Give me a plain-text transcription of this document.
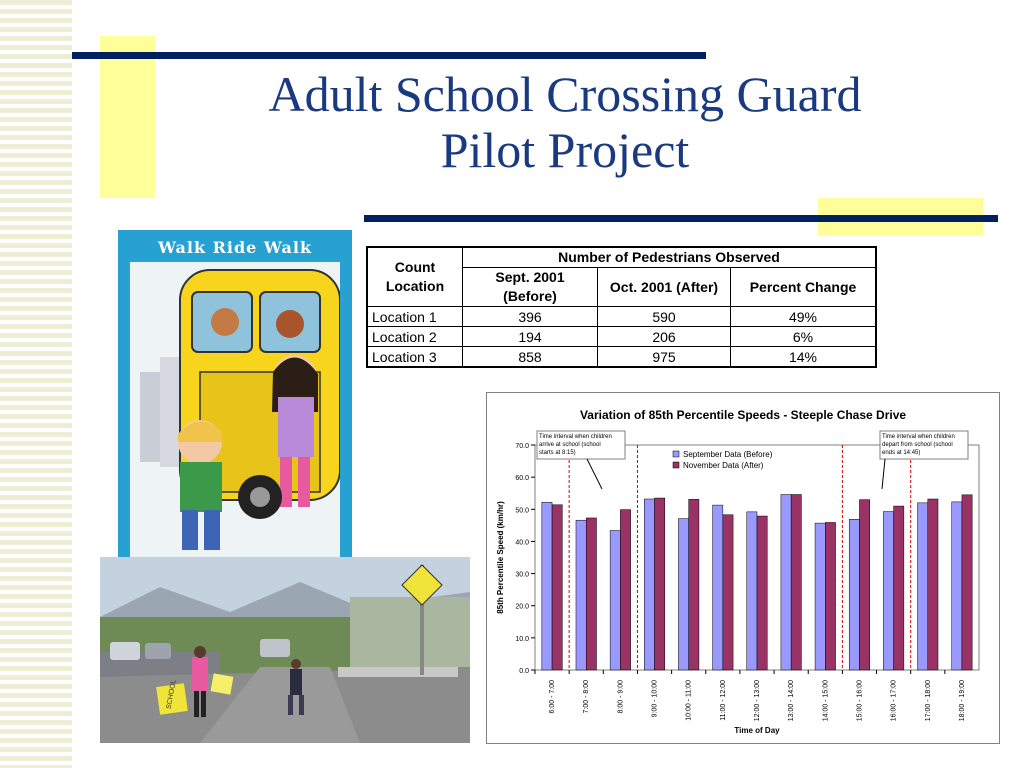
Adult School Crossing Guard
Pilot Project
Walk Ride Walk
SCHOOL
Count Location	Number of Pedestrians Observed		
	Sept. 2001 (Before)	Oct. 2001 (After)	Percent Change
Location 1	396	590	49%
Location 2	194	206	6%
Location 3	858	975	14%
Variation of 85th Percentile Speeds - Steeple Chase Drive
0.0
10.0
20.0
30.0
40.0
50.0
60.0
70.0
6:00 - 7:00	7:00 - 8:00	8:00 - 9:00	9:00 - 10:00	10:00 - 11:00	11:00 - 12:00	12:00 - 13:00	13:00 - 14:00	14:00 - 15:00	15:00 - 16:00	16:00 - 17:00	17:00 - 18:00	18:00 - 19:00
Time of Day
85th Percentile Speed (km/hr)
September Data (Before)
November Data (After)
Time interval when children
arrive at school (school
starts at 8:15)
Time interval when children
depart from school (school
ends at 14:45)
